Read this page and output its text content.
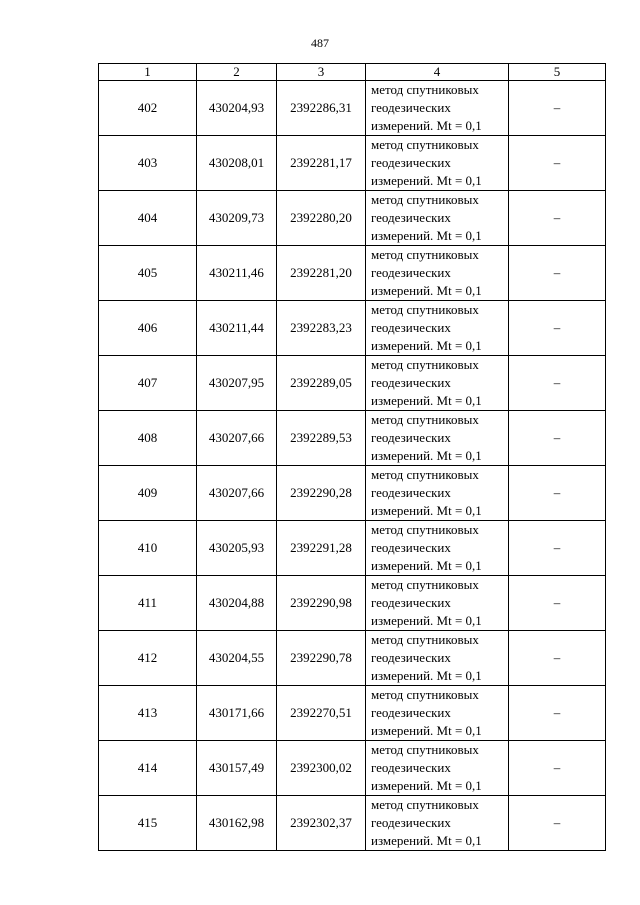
487
1	2	3	4	5
402	430204,93	2392286,31	метод спутниковых
геодезических
измерений. Mt = 0,1	–
403	430208,01	2392281,17	метод спутниковых
геодезических
измерений. Mt = 0,1	–
404	430209,73	2392280,20	метод спутниковых
геодезических
измерений. Mt = 0,1	–
405	430211,46	2392281,20	метод спутниковых
геодезических
измерений. Mt = 0,1	–
406	430211,44	2392283,23	метод спутниковых
геодезических
измерений. Mt = 0,1	–
407	430207,95	2392289,05	метод спутниковых
геодезических
измерений. Mt = 0,1	–
408	430207,66	2392289,53	метод спутниковых
геодезических
измерений. Mt = 0,1	–
409	430207,66	2392290,28	метод спутниковых
геодезических
измерений. Mt = 0,1	–
410	430205,93	2392291,28	метод спутниковых
геодезических
измерений. Mt = 0,1	–
411	430204,88	2392290,98	метод спутниковых
геодезических
измерений. Mt = 0,1	–
412	430204,55	2392290,78	метод спутниковых
геодезических
измерений. Mt = 0,1	–
413	430171,66	2392270,51	метод спутниковых
геодезических
измерений. Mt = 0,1	–
414	430157,49	2392300,02	метод спутниковых
геодезических
измерений. Mt = 0,1	–
415	430162,98	2392302,37	метод спутниковых
геодезических
измерений. Mt = 0,1	–
